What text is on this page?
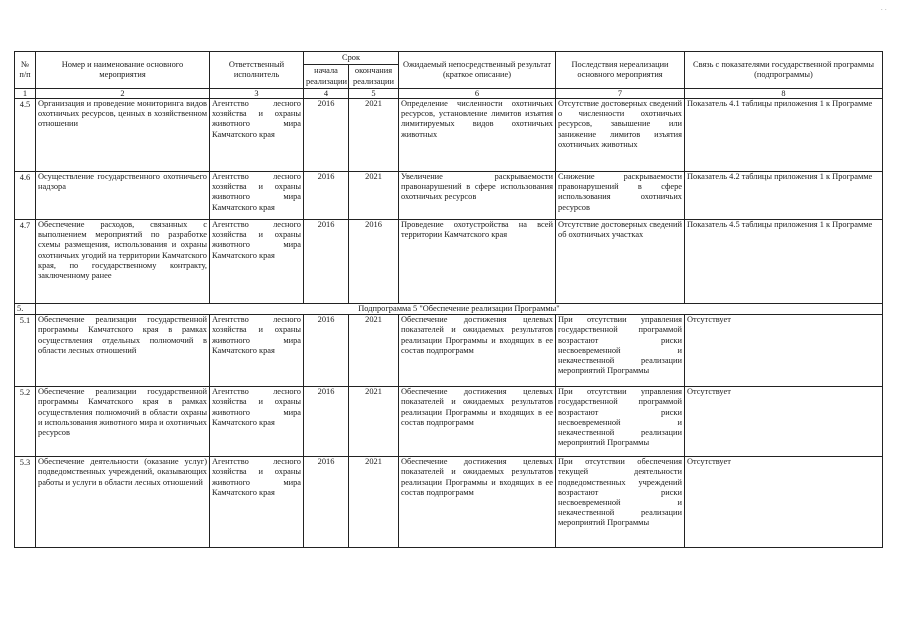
· ·
№ п/п	Номер и наименование основного мероприятия	Ответственный исполнитель	Срок		Ожидаемый непосредственный результат (краткое описание)	Последствия нереализации основного мероприятия	Связь с показателями государственной программы (подпрограммы)
			начала реализации	окончания реализации			
1	2	3	4	5	6	7	8
4.5	Организация и проведение мониторинга видов охотничьих ресурсов, ценных в хозяйственном отношении	Агентство лесного хозяйства и охраны животного мира Камчатского края	2016	2021	Определение численности охотничьих ресурсов, установление лимитов изъятия лимитируемых видов охотничьих животных	Отсутствие достоверных сведений о численности охотничьих ресурсов, завышение или занижение лимитов изъятия охотничьих животных	Показатель 4.1 таблицы приложения 1 к Программе
4.6	Осуществление государственного охотничьего надзора	Агентство лесного хозяйства и охраны животного мира Камчатского края	2016	2021	Увеличение раскрываемости правонарушений в сфере использования охотничьих ресурсов	Снижение раскрываемости правонарушений в сфере использования охотничьих ресурсов	Показатель 4.2 таблицы приложения 1 к Программе
4.7	Обеспечение расходов, связанных с выполнением мероприятий по разработке схемы размещения, использования и охраны охотничьих угодий на территории Камчатского края, по государственному контракту, заключенному ранее	Агентство лесного хозяйства и охраны животного мира Камчатского края	2016	2016	Проведение охотустройства на всей территории Камчатского края	Отсутствие достоверных сведений об охотничьих участках	Показатель 4.5 таблицы приложения 1 к Программе
5.	Подпрограмма 5 "Обеспечение реализации Программы"						
5.1	Обеспечение реализации государственной программы Камчатского края в рамках осуществления отдельных полномочий в области лесных отношений	Агентство лесного хозяйства и охраны животного мира Камчатского края	2016	2021	Обеспечение достижения целевых показателей и ожидаемых результатов реализации Программы и входящих в ее состав подпрограмм	При отсутствии управления государственной программой возрастают риски несвоевременной и некачественной реализации мероприятий Программы	Отсутствует
5.2	Обеспечение реализации государственной программы Камчатского края в рамках осуществления полномочий в области охраны и использования животного мира и охотничьих ресурсов	Агентство лесного хозяйства и охраны животного мира Камчатского края	2016	2021	Обеспечение достижения целевых показателей и ожидаемых результатов реализации Программы и входящих в ее состав подпрограмм	При отсутствии управления государственной программой возрастают риски несвоевременной и некачественной реализации мероприятий Программы	Отсутствует
5.3	Обеспечение деятельности (оказание услуг) подведомственных учреждений, оказывающих работы и услуги в области лесных отношений	Агентство лесного хозяйства и охраны животного мира Камчатского края	2016	2021	Обеспечение достижения целевых показателей и ожидаемых результатов реализации Программы и входящих в ее состав подпрограмм	При отсутствии обеспечения текущей деятельности подведомственных учреждений возрастают риски несвоевременной и некачественной реализации мероприятий Программы	Отсутствует
